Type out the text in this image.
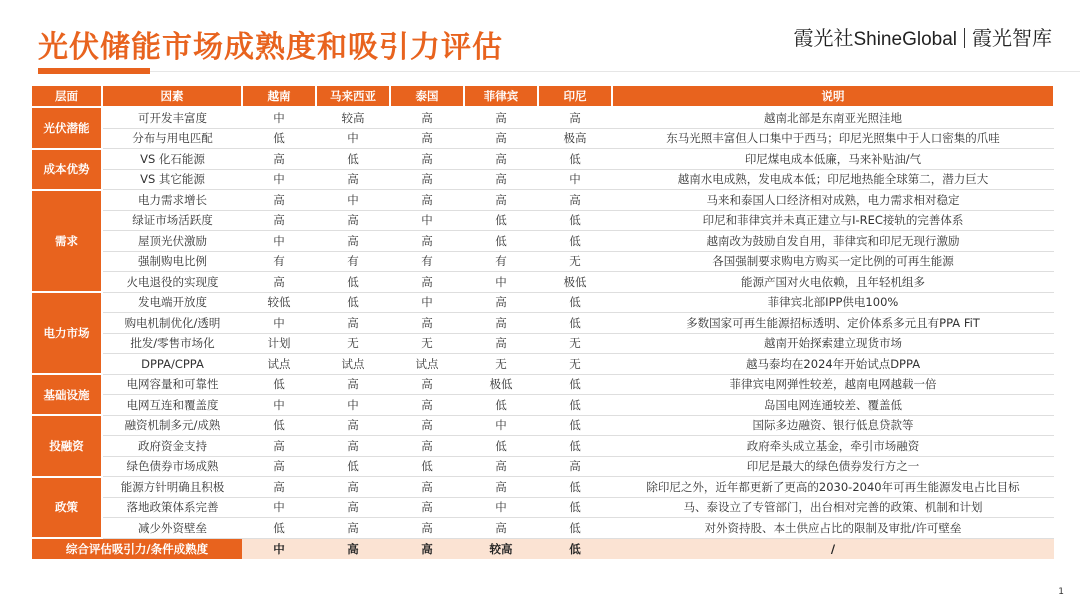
光伏储能市场成熟度和吸引力评估	霞光社ShineGlobal 霞光智库
层面	因素	越南	马来西亚	泰国	菲律宾	印尼	说明
光伏潜能	可开发丰富度	中	较高	高	高	高	越南北部是东南亚光照洼地
	分布与用电匹配	低	中	高	高	极高	东马光照丰富但人口集中于西马；印尼光照集中于人口密集的爪哇
成本优势	VS 化石能源	高	低	高	高	低	印尼煤电成本低廉，马来补贴油/气
	VS 其它能源	中	高	高	高	中	越南水电成熟，发电成本低；印尼地热能全球第二，潜力巨大
需求	电力需求增长	高	中	高	高	高	马来和泰国人口经济相对成熟，电力需求相对稳定
	绿证市场活跃度	高	高	中	低	低	印尼和菲律宾并未真正建立与I-REC接轨的完善体系
	屋顶光伏激励	中	高	高	低	低	越南改为鼓励自发自用，菲律宾和印尼无现行激励
	强制购电比例	有	有	有	有	无	各国强制要求购电方购买一定比例的可再生能源
	火电退役的实现度	高	低	高	中	极低	能源产国对火电依赖，且年轻机组多
电力市场	发电端开放度	较低	低	中	高	低	菲律宾北部IPP供电100%
	购电机制优化/透明	中	高	高	高	低	多数国家可再生能源招标透明、定价体系多元且有PPA FiT
	批发/零售市场化	计划	无	无	高	无	越南开始探索建立现货市场
	DPPA/CPPA	试点	试点	试点	无	无	越马泰均在2024年开始试点DPPA
基础设施	电网容量和可靠性	低	高	高	极低	低	菲律宾电网弹性较差，越南电网越载一倍
	电网互连和覆盖度	中	中	高	低	低	岛国电网连通较差、覆盖低
投融资	融资机制多元/成熟	低	高	高	中	低	国际多边融资、银行低息贷款等
	政府资金支持	高	高	高	低	低	政府牵头成立基金，牵引市场融资
	绿色债券市场成熟	高	低	低	高	高	印尼是最大的绿色债券发行方之一
政策	能源方针明确且积极	高	高	高	高	低	除印尼之外，近年都更新了更高的2030-2040年可再生能源发电占比目标
	落地政策体系完善	中	高	高	中	低	马、泰设立了专管部门，出台相对完善的政策、机制和计划
	减少外资壁垒	低	高	高	高	低	对外资持股、本土供应占比的限制及审批/许可壁垒
综合评估吸引力/条件成熟度		中	高	高	较高	低	/
1
